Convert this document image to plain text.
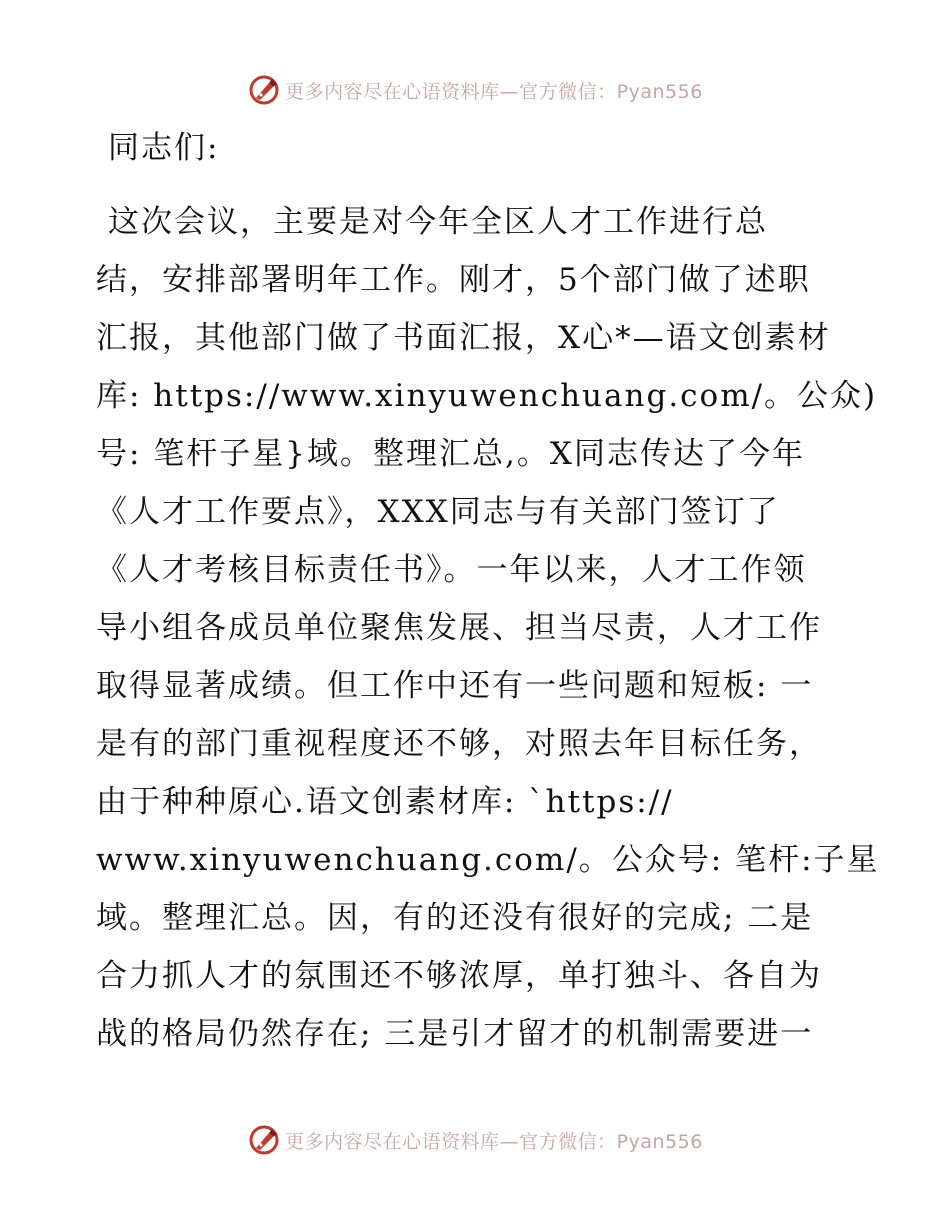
更多内容尽在心语资料库—官方微信：Pyan556
同志们:
这次会议，主要是对今年全区人才工作进行总
结，安排部署明年工作。刚才，5个部门做了述职
汇报，其他部门做了书面汇报，X心*—语文创素材
库: https://www.xinyuwenchuang.com/。公众)
号: 笔杆子星}域。整理汇总,。X同志传达了今年
《人才工作要点》，XXX同志与有关部门签订了
《人才考核目标责任书》。一年以来，人才工作领
导小组各成员单位聚焦发展、担当尽责，人才工作
取得显著成绩。但工作中还有一些问题和短板: 一
是有的部门重视程度还不够，对照去年目标任务，
由于种种原心.语文创素材库: `https://
www.xinyuwenchuang.com/。公众号: 笔杆:子星
域。整理汇总。因，有的还没有很好的完成; 二是
合力抓人才的氛围还不够浓厚，单打独斗、各自为
战的格局仍然存在; 三是引才留才的机制需要进一
更多内容尽在心语资料库—官方微信：Pyan556
